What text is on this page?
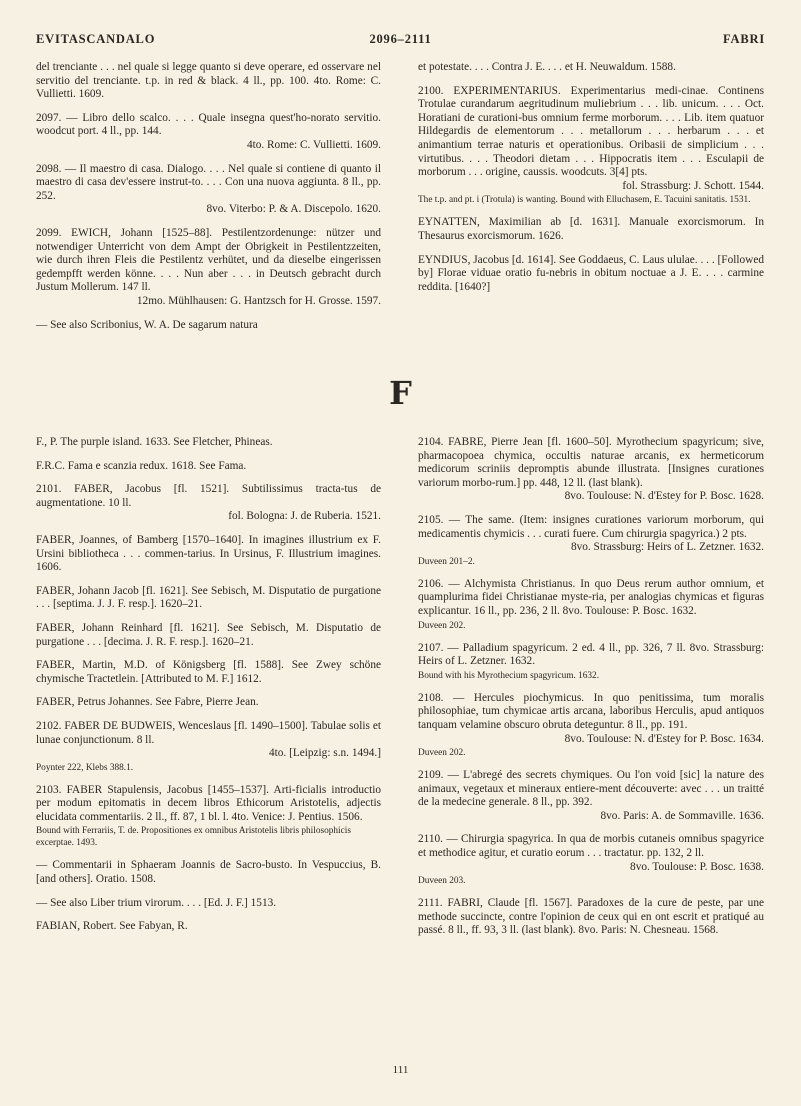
EVITASCANDALO	2096–2111	FABRI
del trenciante . . . nel quale si legge quanto si deve operare, ed osservare nel servitio del trenciante. t.p. in red & black. 4 ll., pp. 100. 4to. Rome: C. Vullietti. 1609.
2097. — Libro dello scalco. . . . Quale insegna quest'ho-norato servitio. woodcut port. 4 ll., pp. 144.
4to. Rome: C. Vullietti. 1609.
2098. — Il maestro di casa. Dialogo. . . . Nel quale si contiene di quanto il maestro di casa dev'essere instrut-to. . . . Con una nuova aggiunta. 8 ll., pp. 252.
8vo. Viterbo: P. & A. Discepolo. 1620.
2099. EWICH, Johann [1525–88]. Pestilentzordenunge: nützer und notwendiger Unterricht von dem Ampt der Obrigkeit in Pestilentzzeiten, wie durch ihren Fleis die Pestilentz verhütet, und da dieselbe eingerissen gedempfft werden könne. . . . Nun aber . . . in Deutsch gebracht durch Justum Mollerum. 147 ll.
12mo. Mühlhausen: G. Hantzsch for H. Grosse. 1597.
— See also Scribonius, W. A. De sagarum natura
et potestate. . . . Contra J. E. . . . et H. Neuwaldum. 1588.
2100. EXPERIMENTARIUS. Experimentarius medi-cinae. Continens Trotulae curandarum aegritudinum muliebrium . . . lib. unicum. . . . Oct. Horatiani de curationi-bus omnium ferme morborum. . . . Lib. item quatuor Hildegardis de elementorum . . . metallorum . . . herbarum . . . et animantium terrae naturis et operationibus. Oribasii de simplicium . . . virtutibus. . . . Theodori dietam . . . Hippocratis item . . . Esculapii de morborum . . . origine, caussis. woodcuts. 3[4] pts.
fol. Strassburg: J. Schott. 1544.
The t.p. and pt. i (Trotula) is wanting. Bound with Elluchasem, E. Tacuini sanitatis. 1531.
EYNATTEN, Maximilian ab [d. 1631]. Manuale exorcismorum. In Thesaurus exorcismorum. 1626.
EYNDIUS, Jacobus [d. 1614]. See Goddaeus, C. Laus ululae. . . . [Followed by] Florae viduae oratio fu-nebris in obitum noctuae a J. E. . . . carmine reddita. [1640?]
F
F., P. The purple island. 1633. See Fletcher, Phineas.
F.R.C. Fama e scanzia redux. 1618. See Fama.
2101. FABER, Jacobus [fl. 1521]. Subtilissimus tracta-tus de augmentatione. 10 ll.
fol. Bologna: J. de Ruberia. 1521.
FABER, Joannes, of Bamberg [1570–1640]. In imagines illustrium ex F. Ursini bibliotheca . . . commen-tarius. In Ursinus, F. Illustrium imagines. 1606.
FABER, Johann Jacob [fl. 1621]. See Sebisch, M. Disputatio de purgatione . . . [septima. J. J. F. resp.]. 1620–21.
FABER, Johann Reinhard [fl. 1621]. See Sebisch, M. Disputatio de purgatione . . . [decima. J. R. F. resp.]. 1620–21.
FABER, Martin, M.D. of Königsberg [fl. 1588]. See Zwey schöne chymische Tractetlein. [Attributed to M. F.] 1612.
FABER, Petrus Johannes. See Fabre, Pierre Jean.
2102. FABER DE BUDWEIS, Wenceslaus [fl. 1490–1500]. Tabulae solis et lunae conjunctionum. 8 ll.
4to. [Leipzig: s.n. 1494.]
Poynter 222, Klebs 388.1.
2103. FABER Stapulensis, Jacobus [1455–1537]. Arti-ficialis introductio per modum epitomatis in decem libros Ethicorum Aristotelis, adjectis elucidata commentariis. 2 ll., ff. 87, 1 bl. l. 4to. Venice: J. Pentius. 1506.
Bound with Ferrariis, T. de. Propositiones ex omnibus Aristotelis libris philosophicis excerptae. 1493.
— Commentarii in Sphaeram Joannis de Sacro-busto. In Vespuccius, B. [and others]. Oratio. 1508.
— See also Liber trium virorum. . . . [Ed. J. F.] 1513.
FABIAN, Robert. See Fabyan, R.
2104. FABRE, Pierre Jean [fl. 1600–50]. Myrothecium spagyricum; sive, pharmacopoea chymica, occultis naturae arcanis, ex hermeticorum medicorum scriniis depromptis abunde illustrata. [Insignes curationes variorum morbo-rum.] pp. 448, 12 ll. (last blank).
8vo. Toulouse: N. d'Estey for P. Bosc. 1628.
2105. — The same. (Item: insignes curationes variorum morborum, qui medicamentis chymicis . . . curati fuere. Cum chirurgia spagyrica.) 2 pts.
8vo. Strassburg: Heirs of L. Zetzner. 1632.
Duveen 201–2.
2106. — Alchymista Christianus. In quo Deus rerum author omnium, et quamplurima fidei Christianae myste-ria, per analogias chymicas et figuras explicantur. 16 ll., pp. 236, 2 ll. 8vo. Toulouse: P. Bosc. 1632.
Duveen 202.
2107. — Palladium spagyricum. 2 ed. 4 ll., pp. 326, 7 ll. 8vo. Strassburg: Heirs of L. Zetzner. 1632.
Bound with his Myrothecium spagyricum. 1632.
2108. — Hercules piochymicus. In quo penitissima, tum moralis philosophiae, tum chymicae artis arcana, laboribus Herculis, apud antiquos tanquam velamine obscuro obruta deteguntur. 8 ll., pp. 191.
8vo. Toulouse: N. d'Estey for P. Bosc. 1634.
Duveen 202.
2109. — L'abregé des secrets chymiques. Ou l'on void [sic] la nature des animaux, vegetaux et mineraux entiere-ment découverte: avec . . . un traitté de la medecine generale. 8 ll., pp. 392.
8vo. Paris: A. de Sommaville. 1636.
2110. — Chirurgia spagyrica. In qua de morbis cutaneis omnibus spagyrice et methodice agitur, et curatio eorum . . . tractatur. pp. 132, 2 ll.
8vo. Toulouse: P. Bosc. 1638.
Duveen 203.
2111. FABRI, Claude [fl. 1567]. Paradoxes de la cure de peste, par une methode succincte, contre l'opinion de ceux qui en ont escrit et pratiqué au passé. 8 ll., ff. 93, 3 ll. (last blank). 8vo. Paris: N. Chesneau. 1568.
111
